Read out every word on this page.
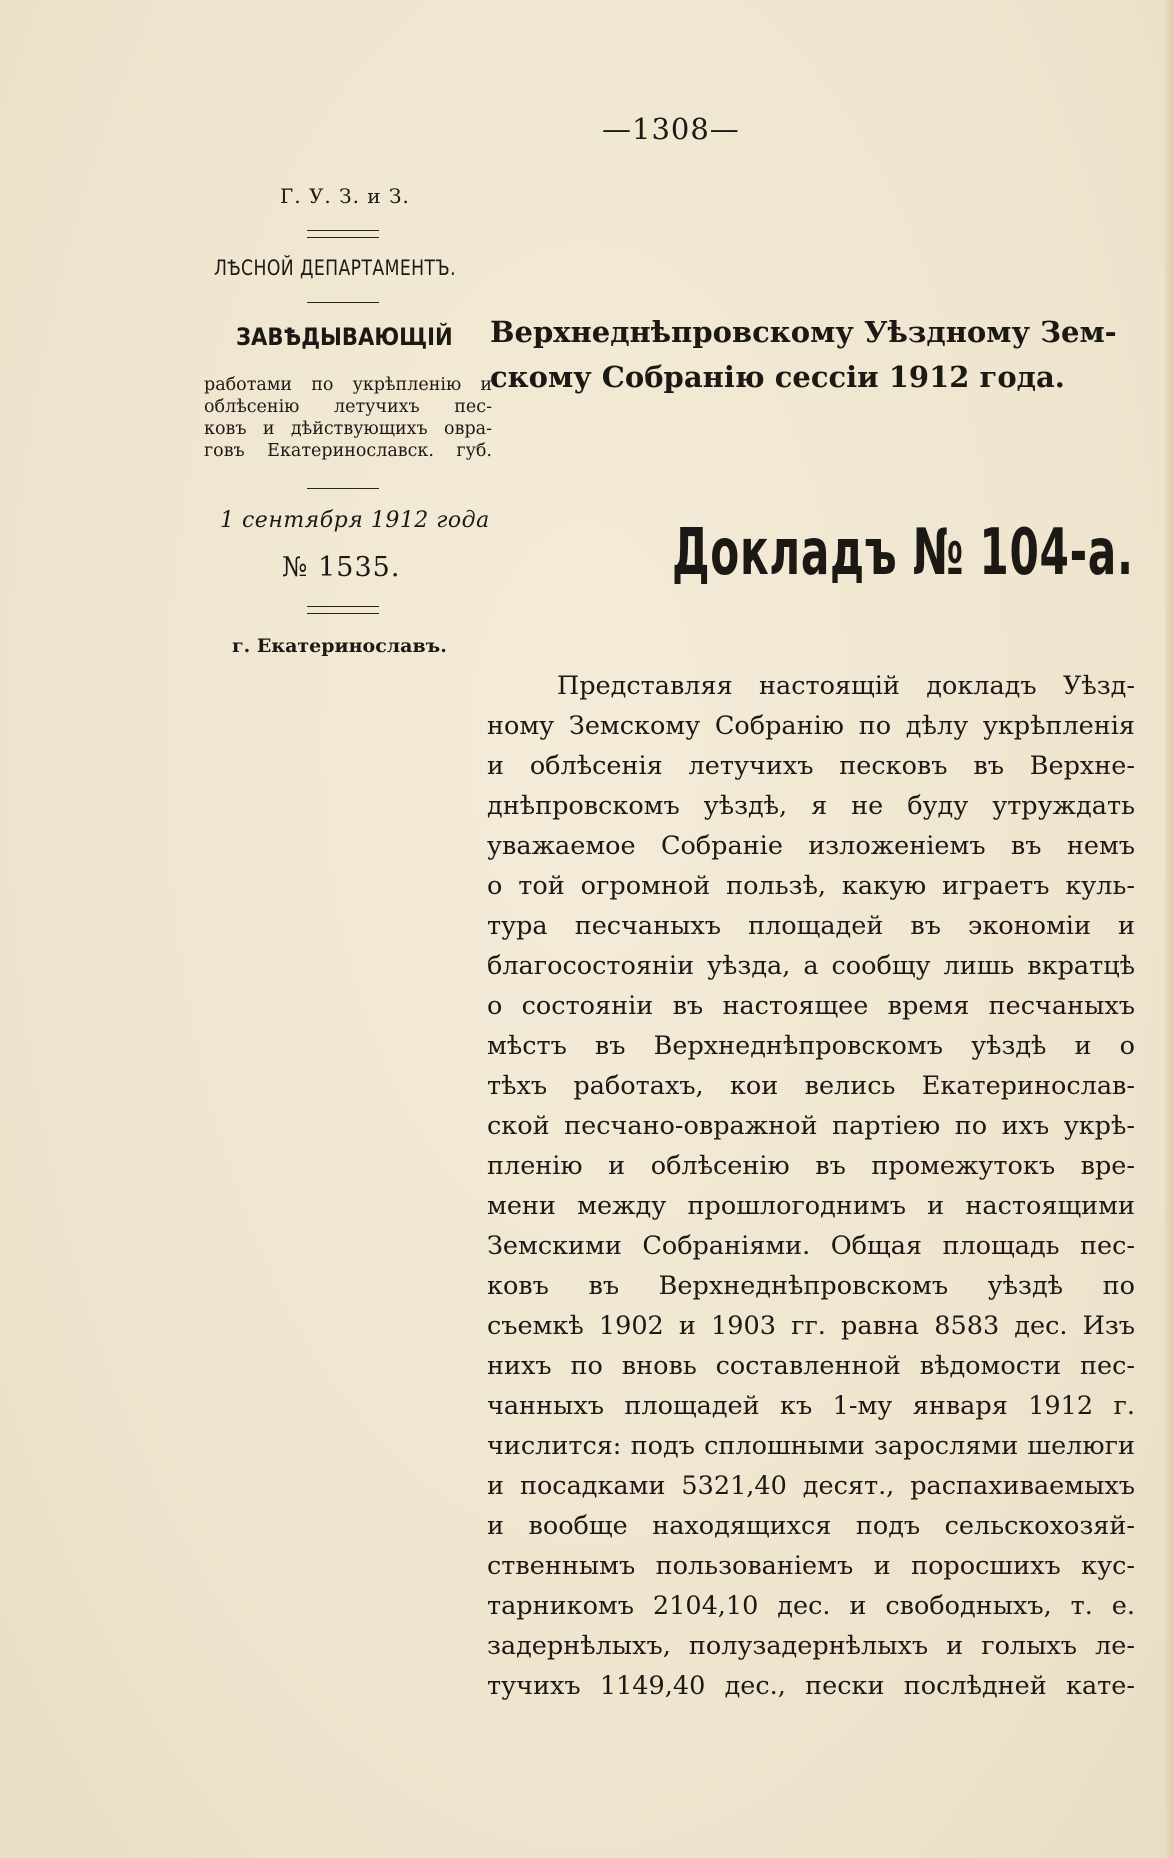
—1308—
Г. У. З. и З.
ЛѢСНОЙ ДЕПАРТАМЕНТЪ.
ЗАВѢДЫВАЮЩІЙ
работами по укрѣпленію и
облѣсенію летучихъ пес-
ковъ и дѣйствующихъ овра-
говъ Екатеринославск. губ.
1 сентября 1912 года
№ 1535.
г. Екатеринославъ.
Верхнеднѣпровскому Уѣздному Зем-
скому Собранію сессіи 1912 года.
Докладъ № 104-а.
Представляя настоящій докладъ Уѣзд-
ному Земскому Собранію по дѣлу укрѣпленія
и облѣсенія летучихъ песковъ въ Верхне-
днѣпровскомъ уѣздѣ, я не буду утруждать
уважаемое Собраніе изложеніемъ въ немъ
о той огромной пользѣ, какую играетъ куль-
тура песчаныхъ площадей въ экономіи и
благосостояніи уѣзда, а сообщу лишь вкратцѣ
о состояніи въ настоящее время песчаныхъ
мѣстъ въ Верхнеднѣпровскомъ уѣздѣ и о
тѣхъ работахъ, кои велись Екатеринослав-
ской песчано-овражной партіею по ихъ укрѣ-
пленію и облѣсенію въ промежутокъ вре-
мени между прошлогоднимъ и настоящими
Земскими Собраніями. Общая площадь пес-
ковъ въ Верхнеднѣпровскомъ уѣздѣ по
съемкѣ 1902 и 1903 гг. равна 8583 дес. Изъ
нихъ по вновь составленной вѣдомости пес-
чанныхъ площадей къ 1-му января 1912 г.
числится: подъ сплошными зарослями шелюги
и посадками 5321,40 десят., распахиваемыхъ
и вообще находящихся подъ сельскохозяй-
ственнымъ пользованіемъ и поросшихъ кус-
тарникомъ 2104,10 дес. и свободныхъ, т. е.
задернѣлыхъ, полузадернѣлыхъ и голыхъ ле-
тучихъ 1149,40 дес., пески послѣдней кате-
